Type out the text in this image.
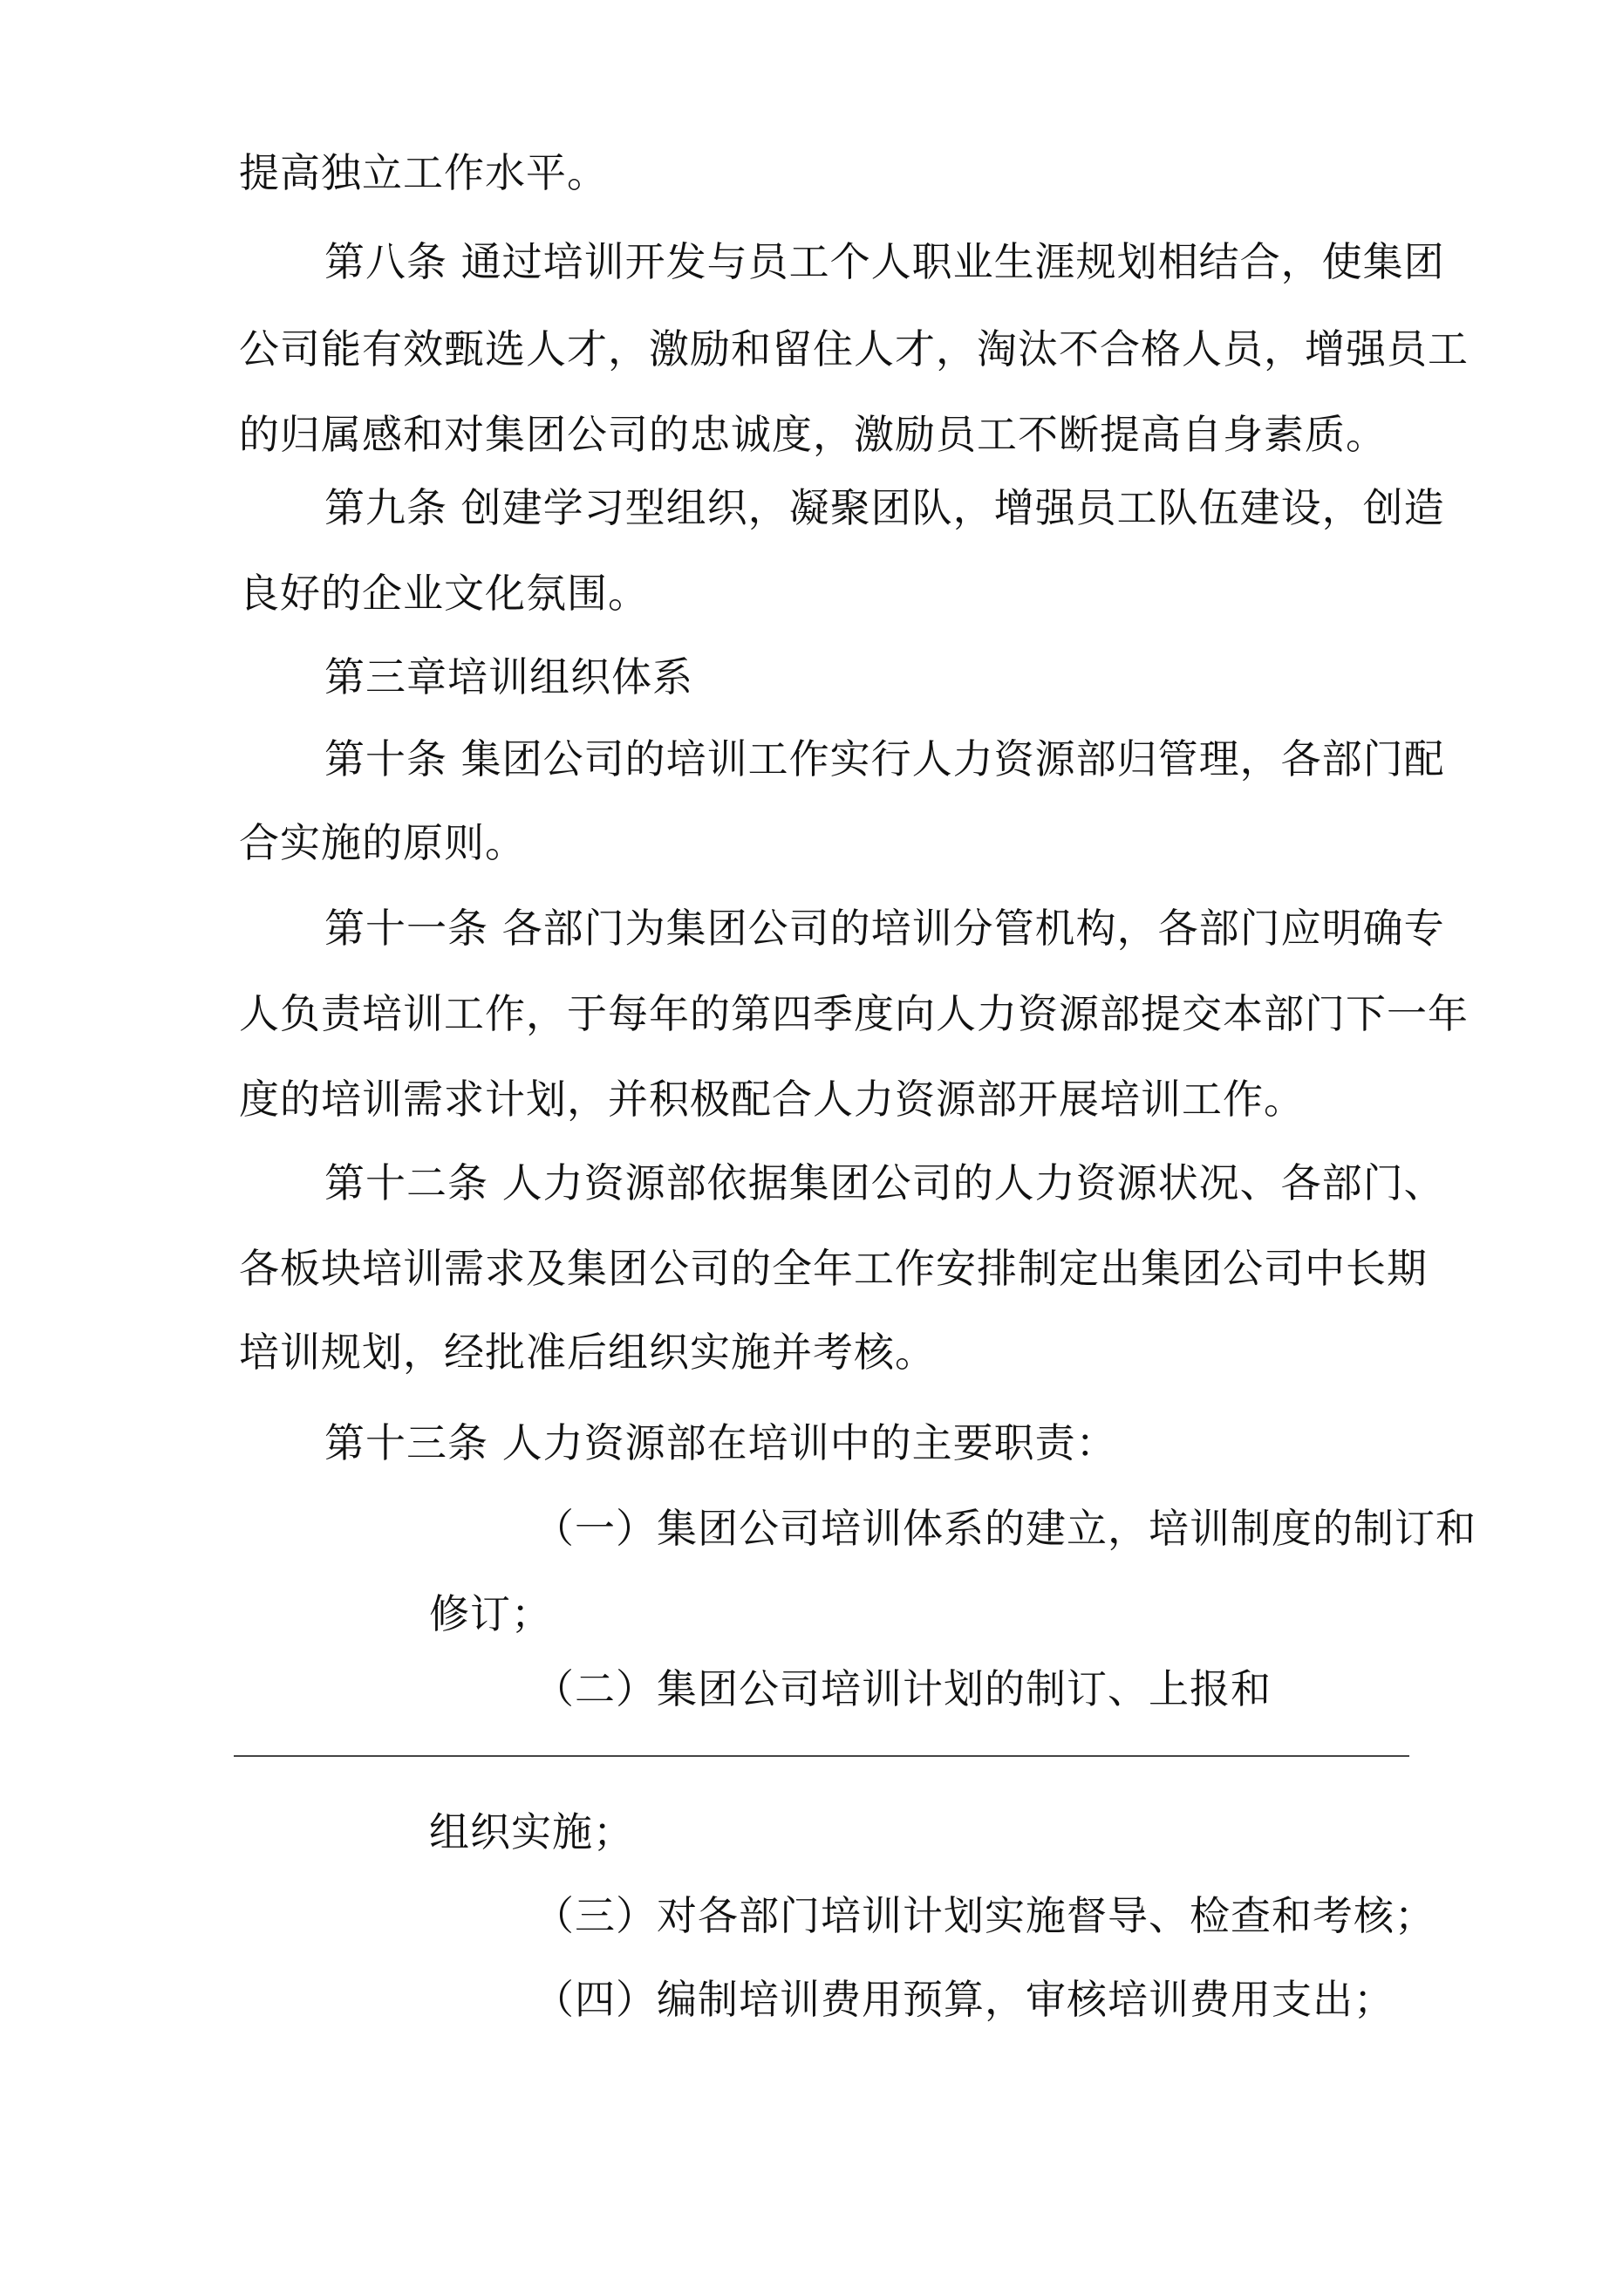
提高独立工作水平。
第八条 通过培训开发与员工个人职业生涯规划相结合，使集团
公司能有效甄选人才，激励和留住人才，淘汰不合格人员，增强员工
的归属感和对集团公司的忠诚度，激励员工不断提高自身素质。
第九条 创建学习型组织，凝聚团队，增强员工队伍建设，创造
良好的企业文化氛围。
第三章培训组织体系
第十条 集团公司的培训工作实行人力资源部归管理，各部门配
合实施的原则。
第十一条 各部门为集团公司的培训分管机构，各部门应明确专
人负责培训工作，于每年的第四季度向人力资源部提交本部门下一年
度的培训需求计划，并积极配合人力资源部开展培训工作。
第十二条 人力资源部依据集团公司的人力资源状况、各部门、
各板块培训需求及集团公司的全年工作安排制定出集团公司中长期
培训规划，经批准后组织实施并考核。
第十三条 人力资源部在培训中的主要职责：
（一）集团公司培训体系的建立，培训制度的制订和
修订；
（二）集团公司培训计划的制订、上报和
组织实施；
（三）对各部门培训计划实施督导、检查和考核；
（四）编制培训费用预算，审核培训费用支出；
